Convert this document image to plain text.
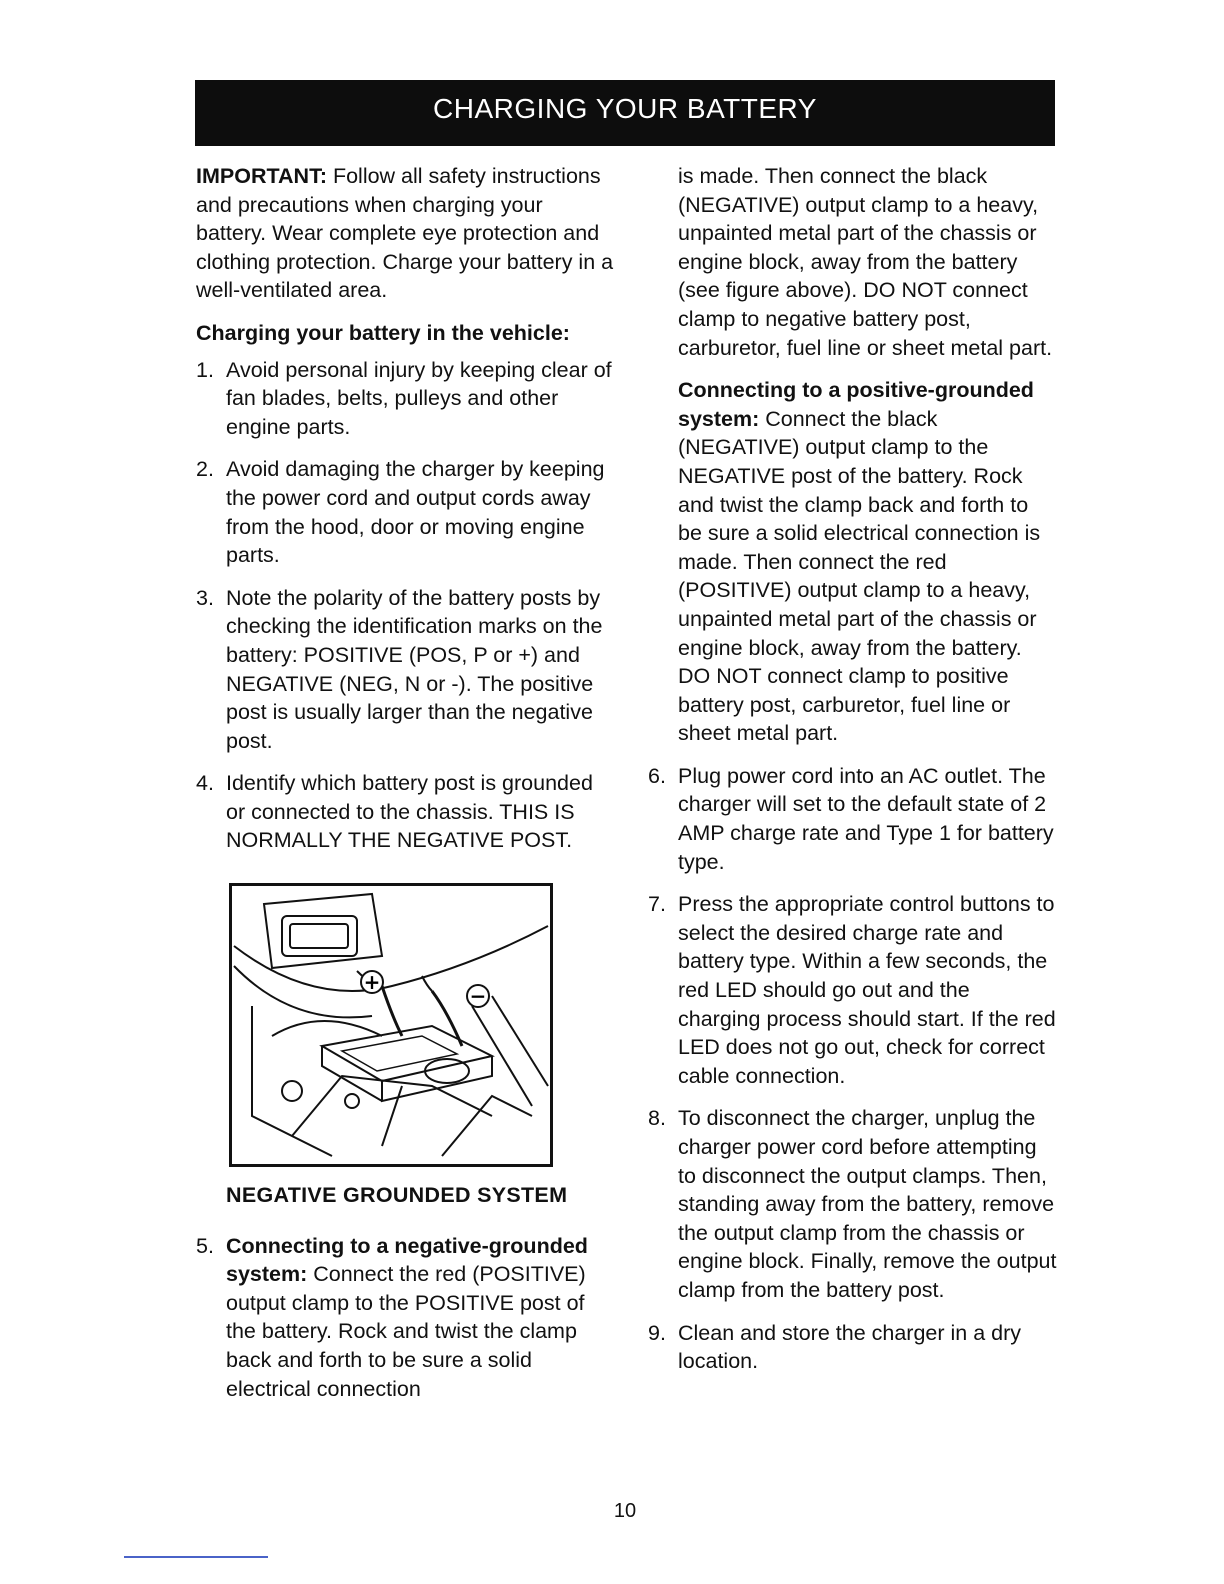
CHARGING YOUR BATTERY

IMPORTANT: Follow all safety instructions and precautions when charging your battery. Wear complete eye protection and clothing protection. Charge your battery in a well-ventilated area.

Charging your battery in the vehicle:
1. Avoid personal injury by keeping clear of fan blades, belts, pulleys and other engine parts.
2. Avoid damaging the charger by keeping the power cord and output cords away from the hood, door or moving engine parts.
3. Note the polarity of the battery posts by checking the identification marks on the battery: POSITIVE (POS, P or +) and NEGATIVE (NEG, N or -). The positive post is usually larger than the negative post.
4. Identify which battery post is grounded or connected to the chassis. THIS IS NORMALLY THE NEGATIVE POST.
+
−
NEGATIVE GROUNDED SYSTEM
5. Connecting to a negative-grounded system: Connect the red (POSITIVE) output clamp to the POSITIVE post of the battery. Rock and twist the clamp back and forth to be sure a solid electrical connection

is made. Then connect the black (NEGATIVE) output clamp to a heavy, unpainted metal part of the chassis or engine block, away from the battery (see figure above). DO NOT connect clamp to negative battery post, carburetor, fuel line or sheet metal part.

Connecting to a positive-grounded system: Connect the black (NEGATIVE) output clamp to the NEGATIVE post of the battery. Rock and twist the clamp back and forth to be sure a solid electrical connection is made. Then connect the red (POSITIVE) output clamp to a heavy, unpainted metal part of the chassis or engine block, away from the battery. DO NOT connect clamp to positive battery post, carburetor, fuel line or sheet metal part.

6. Plug power cord into an AC outlet. The charger will set to the default state of 2 AMP charge rate and Type 1 for battery type.
7. Press the appropriate control buttons to select the desired charge rate and battery type. Within a few seconds, the red LED should go out and the charging process should start. If the red LED does not go out, check for correct cable connection.
8. To disconnect the charger, unplug the charger power cord before attempting to disconnect the output clamps. Then, standing away from the battery, remove the output clamp from the chassis or engine block. Finally, remove the output clamp from the battery post.
9. Clean and store the charger in a dry location.
10
